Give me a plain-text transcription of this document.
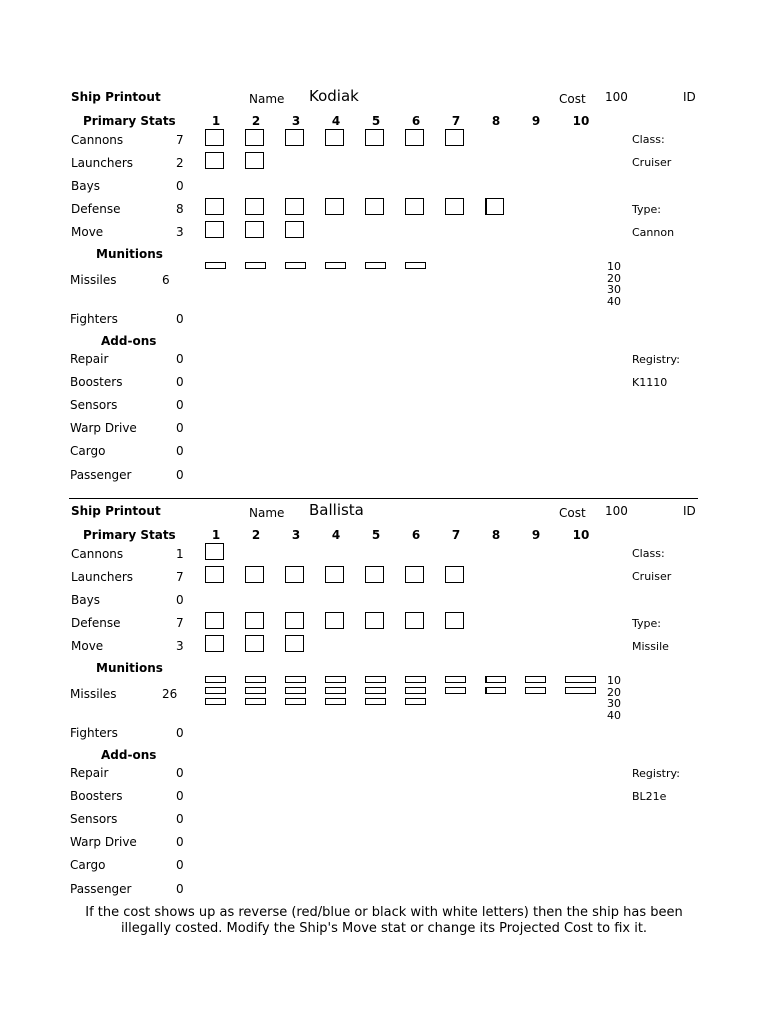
Ship Printout	Name Kodiak	Cost 100	ID
Primary Stats	1	2	3	4	5	6	7	8	9	10
Cannons	7
Launchers	2
Bays	0
Defense	8
Move	3
Class:
Cruiser
Type:
Cannon
Munitions
Missiles	6
10
20
30
40
Fighters	0
Add-ons
Repair	0
Boosters	0
Sensors	0
Warp Drive	0
Cargo	0
Passenger	0
Registry:
K1110
Ship Printout	Name Ballista	Cost 100	ID
Primary Stats	1	2	3	4	5	6	7	8	9	10
Cannons	1
Launchers	7
Bays	0
Defense	7
Move	3
Class:
Cruiser
Type:
Missile
Munitions
Missiles	26
10
20
30
40
Fighters	0
Add-ons
Repair	0
Boosters	0
Sensors	0
Warp Drive	0
Cargo	0
Passenger	0
Registry:
BL21e
If the cost shows up as reverse (red/blue or black with white letters) then the ship has been illegally costed. Modify the Ship's Move stat or change its Projected Cost to fix it.
